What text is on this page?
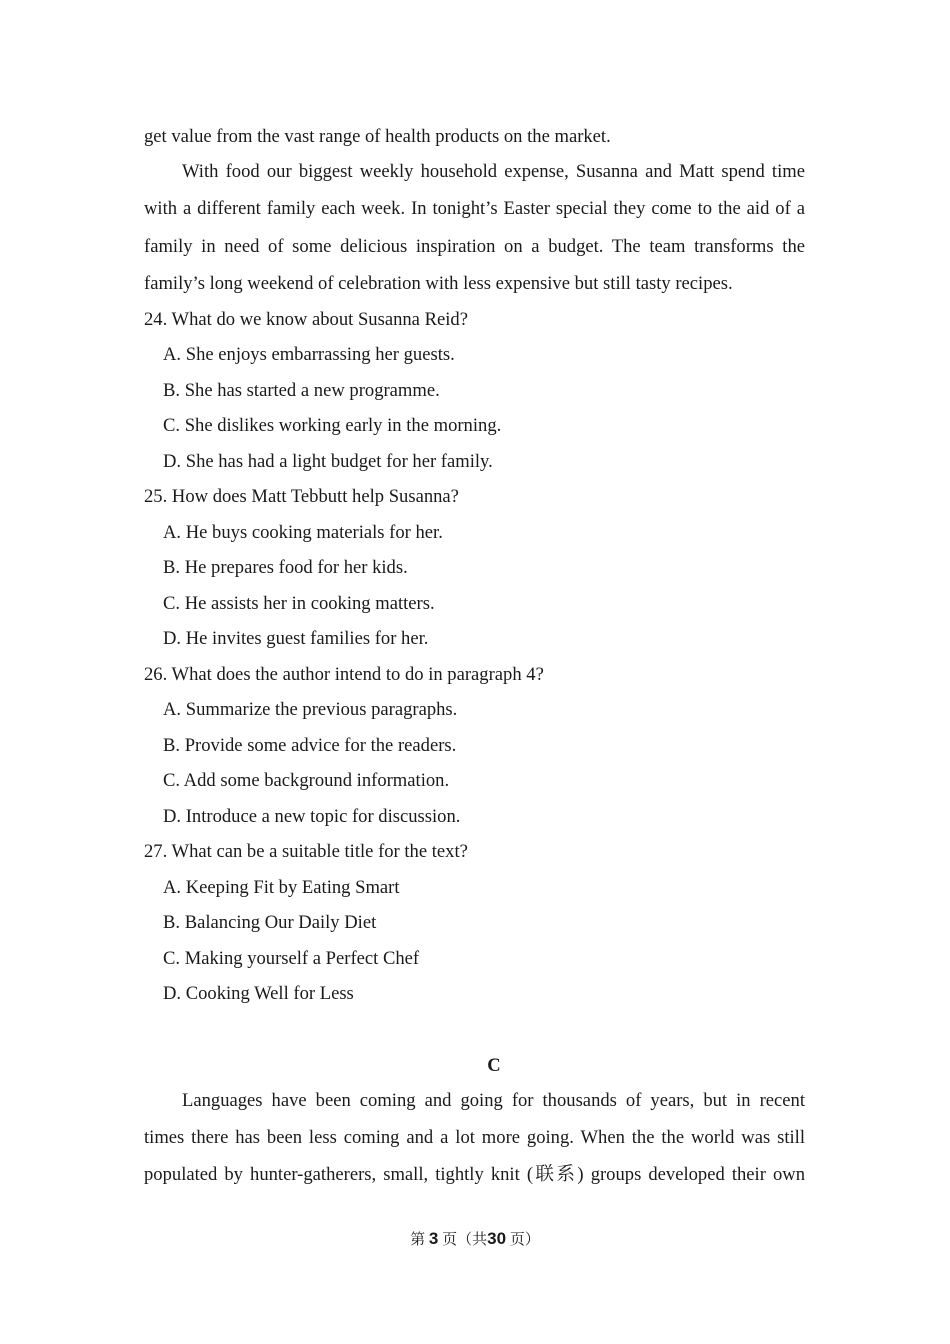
get value from the vast range of health products on the market.
With food our biggest weekly household expense, Susanna and Matt spend time
with a different family each week. In tonight’s Easter special they come to the aid of a
family in need of some delicious inspiration on a budget. The team transforms the
family’s long weekend of celebration with less expensive but still tasty recipes.
24. What do we know about Susanna Reid?
A. She enjoys embarrassing her guests.
B. She has started a new programme.
C. She dislikes working early in the morning.
D. She has had a light budget for her family.
25. How does Matt Tebbutt help Susanna?
A. He buys cooking materials for her.
B. He prepares food for her kids.
C. He assists her in cooking matters.
D. He invites guest families for her.
26. What does the author intend to do in paragraph 4?
A. Summarize the previous paragraphs.
B. Provide some advice for the readers.
C. Add some background information.
D. Introduce a new topic for discussion.
27. What can be a suitable title for the text?
A. Keeping Fit by Eating Smart
B. Balancing Our Daily Diet
C. Making yourself a Perfect Chef
D. Cooking Well for Less
C
Languages have been coming and going for thousands of years, but in recent
times there has been less coming and a lot more going. When the the world was still
populated by hunter-gatherers, small, tightly knit (联系) groups developed their own
第 3 页（共30 页）
